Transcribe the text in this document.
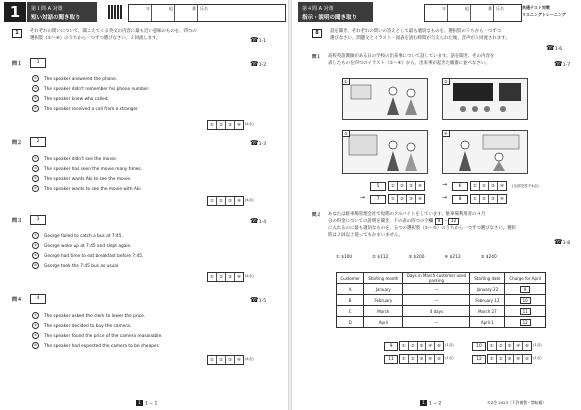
1	第１問 A 対策
短い対話の聞き取り
年	組	番 氏名
1	それぞれの問いについて、聞こえてくる英文の内容に最も近い意味のものを、四つの
選択肢（①～④）のうちから一つずつ選びなさい。２回流します。	☎1-1
問１	1	☎1-2
① The speaker answered the phone.
② The speaker didn't remember his phone number.
③ The speaker knew who called.
④ The speaker received a call from a stranger.
①	②	③	④	(4点)
問２	2	☎1-3
① The speaker didn't see the movie.
② The speaker has seen the movie many times.
③ The speaker wants Aki to see the movie.
④ The speaker wants to see the movie with Aki.
①	②	③	④	(4点)
問３	3	☎1-4
① George failed to catch a bus at 7:45.
② George woke up at 7:45 and slept again.
③ George had time to eat breakfast before 7:45.
④ George took the 7:45 bus as usual.
①	②	③	④	(4点)
問４	4	☎1-5
① The speaker asked the clerk to lower the price.
② The speaker decided to buy the camera.
③ The speaker found the price of the camera reasonable.
④ The speaker had expected the camera to be cheaper.
①	②	③	④	(4点)
1 1 − 1
第４問 A 対策
指示・説明の聞き取り
年	組	番 氏名	共通テスト対策
リスニングトレーニング
8	話を聞き、それぞれの問いの答えとして最も適切なものを、選択肢のうちから一つずつ
選びなさい。問題文とイラスト・図表を読む時間が与えられた後、音声が１回流されます。
☎1-6
問１ 高校英語教師がある日の学校の出来事について話しています。話を聞き、その内容を
表したものを四つのイラスト（①～④）から、出来事が起きた順番に並べなさい。	☎1-7
①	②
③	④
5	①	②	③	④	→	6	①	②	③	④
→	7	①	②	③	④	→	8	①	②	③	④
(全部完答で4点)
問２ あなたは駐車場管理会社で短期のアルバイトをしています。駐車場利用者の４月
分の料金についての説明を聞き、下の表の四つの空欄 9 ～ 12
に入れるのに最も適切なものを、五つの選択肢（①～⑤）のうちから一つずつ選びなさい。選択
肢は２回以上使ってもかまいません。
☎1-8
① $100	② $112	③ $200	④ $212	⑤ $240
Customer	Starting month	Days in March customer used parking	Starting date	Charge for April
A	January	—	January 22	9
B	February	—	February 12	10
C	March	4 days	March 27	11
D	April	—	April 1	12
9	①	②	③	④	⑤	(1点)	10	①	②	③	④	⑤	(1点)
11	①	②	③	④	⑤	(1点)	12	①	②	③	④	⑤	(1点)
1 1 − 2	©Z会 2023（不許複製・禁転載）
